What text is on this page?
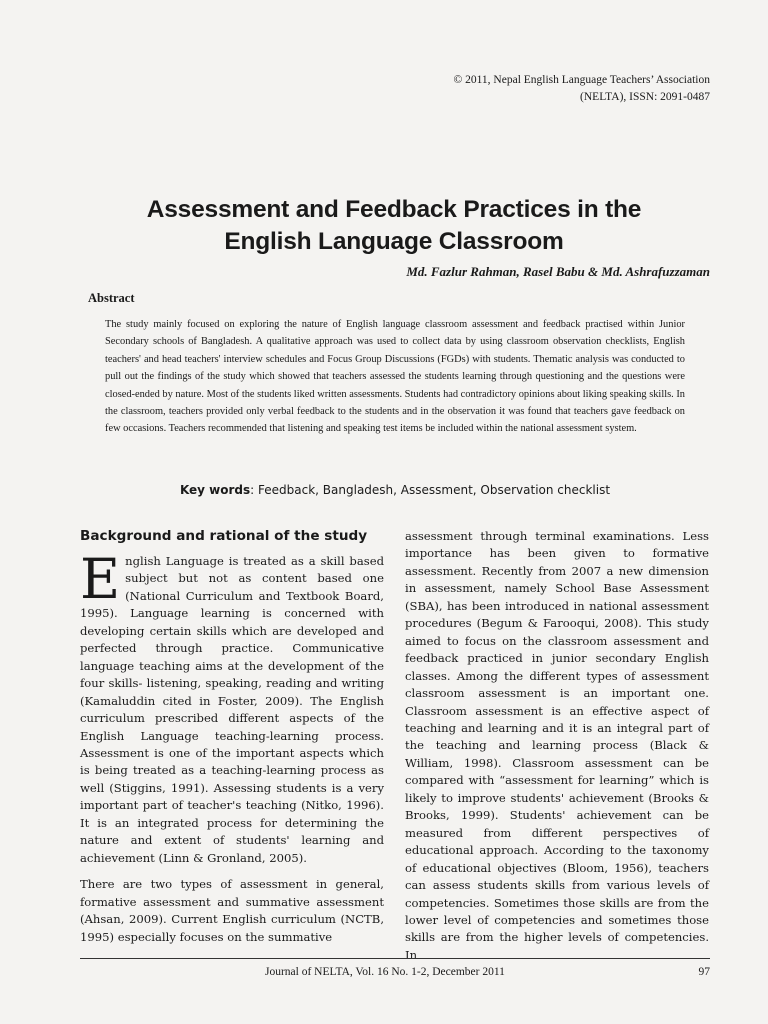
© 2011, Nepal English Language Teachers’ Association
(NELTA), ISSN: 2091-0487
Assessment and Feedback Practices in the
English Language Classroom
Md. Fazlur Rahman, Rasel Babu & Md. Ashrafuzzaman
Abstract

The study mainly focused on exploring the nature of English language classroom assessment and feedback practised within Junior Secondary schools of Bangladesh. A qualitative approach was used to collect data by using classroom observation checklists, English teachers' and head teachers' interview schedules and Focus Group Discussions (FGDs) with students. Thematic analysis was conducted to pull out the findings of the study which showed that teachers assessed the students learning through questioning and the questions were closed-ended by nature. Most of the students liked written assessments. Students had contradictory opinions about liking speaking skills. In the classroom, teachers provided only verbal feedback to the students and in the observation it was found that teachers gave feedback on few occasions. Teachers recommended that listening and speaking test items be included within the national assessment system.

Key words: Feedback, Bangladesh, Assessment, Observation checklist
Background and rational of the study

English Language is treated as a skill based subject but not as content based one (National Curriculum and Textbook Board, 1995). Language learning is concerned with developing certain skills which are developed and perfected through practice. Communicative language teaching aims at the development of the four skills- listening, speaking, reading and writing (Kamaluddin cited in Foster, 2009). The English curriculum prescribed different aspects of the English Language teaching-learning process. Assessment is one of the important aspects which is being treated as a teaching-learning process as well (Stiggins, 1991). Assessing students is a very important part of teacher's teaching (Nitko, 1996). It is an integrated process for determining the nature and extent of students' learning and achievement (Linn & Gronland, 2005).

There are two types of assessment in general, formative assessment and summative assessment (Ahsan, 2009). Current English curriculum (NCTB, 1995) especially focuses on the summative

assessment through terminal examinations. Less importance has been given to formative assessment. Recently from 2007 a new dimension in assessment, namely School Base Assessment (SBA), has been introduced in national assessment procedures (Begum & Farooqui, 2008). This study aimed to focus on the classroom assessment and feedback practiced in junior secondary English classes. Among the different types of assessment classroom assessment is an important one. Classroom assessment is an effective aspect of teaching and learning and it is an integral part of the teaching and learning process (Black & William, 1998). Classroom assessment can be compared with “assessment for learning” which is likely to improve students' achievement (Brooks & Brooks, 1999). Students' achievement can be measured from different perspectives of educational approach. According to the taxonomy of educational objectives (Bloom, 1956), teachers can assess students skills from various levels of competencies. Sometimes those skills are from the lower level of competencies and sometimes those skills are from the higher levels of competencies. In

Journal of NELTA, Vol. 16 No. 1-2, December 2011	97
